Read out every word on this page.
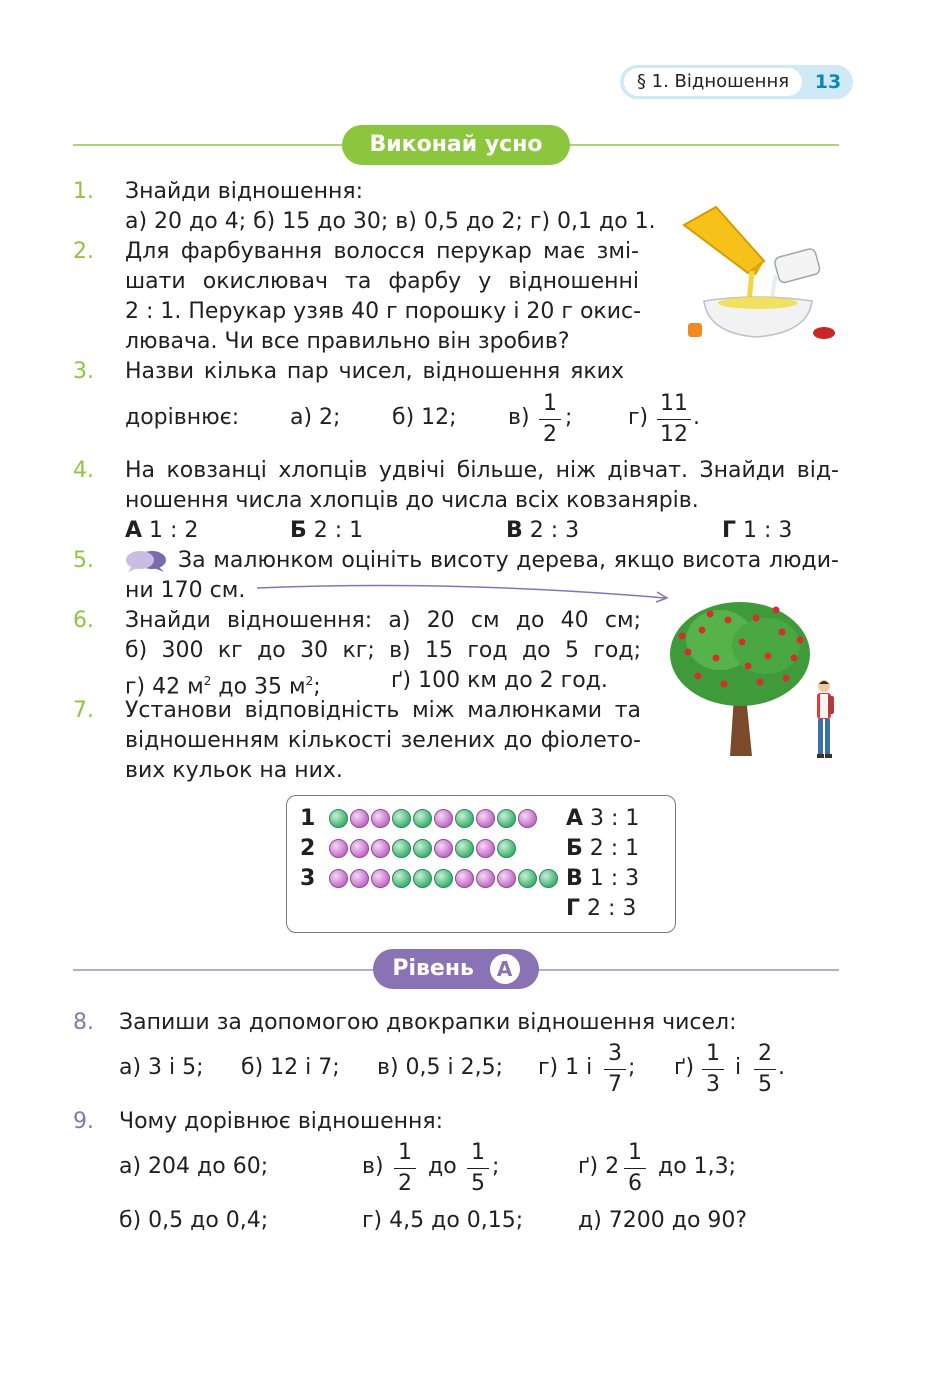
§ 1. Відношення	13
Виконай усно
1. Знайди відношення:
а) 20 до 4; б) 15 до 30; в) 0,5 до 2; г) 0,1 до 1.
2. Для фарбування волосся перукар має змі-
шати окислювач та фарбу у відношенні
2 : 1. Перукар узяв 40 г порошку і 20 г окис-
лювача. Чи все правильно він зробив?
3. Назви кілька пар чисел, відношення яких
дорівнює: а) 2; б) 12; в)
1
2
;	г)
11
12
.
4. На ковзанці хлопців удвічі більше, ніж дівчат. Знайди від-
ношення числа хлопців до числа всіх ковзанярів.
А 1 : 2	Б 2 : 1	В 2 : 3	Г 1 : 3
5.	За малюнком оцініть висоту дерева, якщо висота люди-
ни 170 см.
6. Знайди відношення: а) 20 см до 40 см;
б) 300 кг до 30 кг; в) 15 год до 5 год;
г) 42 $м^2$ до 35 $м^2$;	ґ) 100 км до 2 год.
7. Установи відповідність між малюнками та
відношенням кількості зелених до фіолето-
вих кульок на них.
1
2
3
А 3 : 1
Б 2 : 1
В 1 : 3
Г 2 : 3
Рівень А
8. Запиши за допомогою двокрапки відношення чисел:
а) 3 і 5; б) 12 і 7; в) 0,5 і 2,5; г) 1 і
3
7
; ґ)
1
3
і
2
5
.
9. Чому дорівнює відношення:
а) 204 до 60;	в)
1
2
до
1
5
;	ґ) 2
1
6
до 1,3;
б) 0,5 до 0,4;	г) 4,5 до 0,15; д) 7200 до 90?
